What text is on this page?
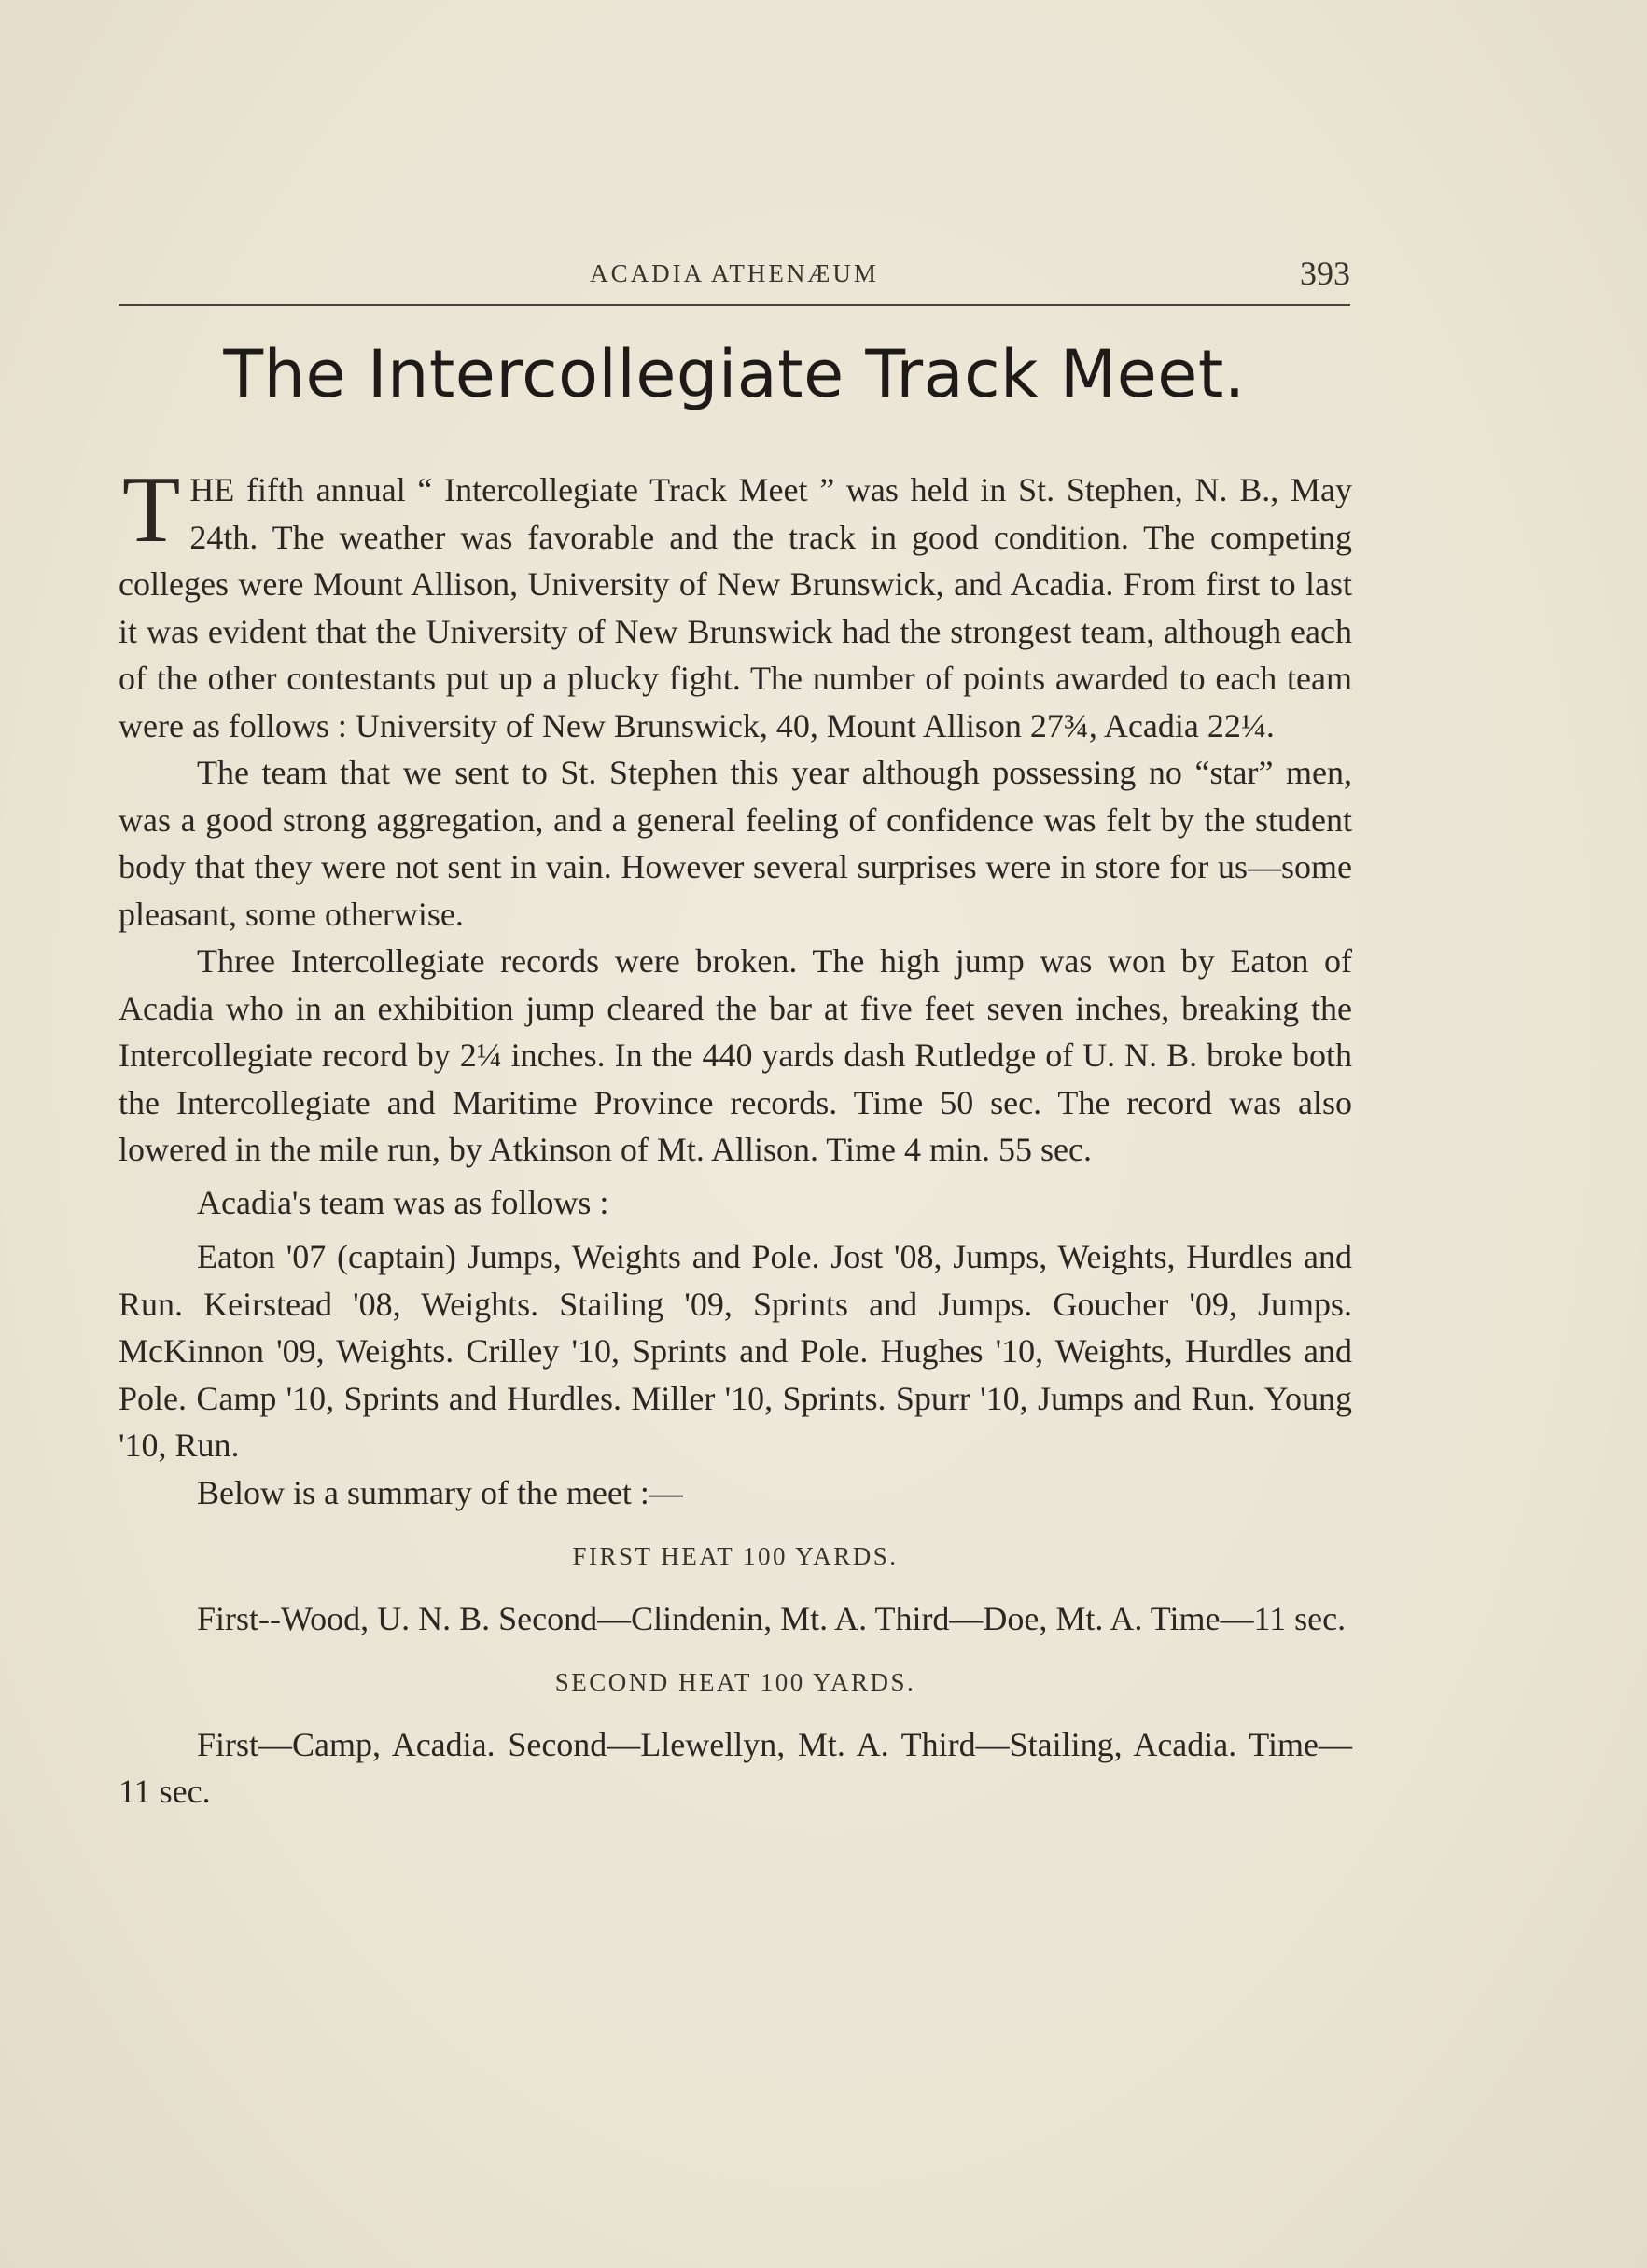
ACADIA ATHENÆUM	393
The Intercollegiate Track Meet.

THE fifth annual “ Intercollegiate Track Meet ” was held in St. Stephen, N. B., May 24th. The weather was favorable and the track in good condition. The competing colleges were Mount Allison, University of New Brunswick, and Acadia. From first to last it was evident that the University of New Brunswick had the strongest team, although each of the other contestants put up a plucky fight. The number of points awarded to each team were as follows : University of New Brunswick, 40, Mount Allison 27¾, Acadia 22¼.

The team that we sent to St. Stephen this year although possessing no “star” men, was a good strong aggregation, and a general feeling of confidence was felt by the student body that they were not sent in vain. However several surprises were in store for us—some pleasant, some otherwise.

Three Intercollegiate records were broken. The high jump was won by Eaton of Acadia who in an exhibition jump cleared the bar at five feet seven inches, breaking the Intercollegiate record by 2¼ inches. In the 440 yards dash Rutledge of U. N. B. broke both the Intercollegiate and Maritime Province records. Time 50 sec. The record was also lowered in the mile run, by Atkinson of Mt. Allison. Time 4 min. 55 sec.

Acadia's team was as follows :

Eaton '07 (captain) Jumps, Weights and Pole. Jost '08, Jumps, Weights, Hurdles and Run. Keirstead '08, Weights. Stailing '09, Sprints and Jumps. Goucher '09, Jumps. McKinnon '09, Weights. Crilley '10, Sprints and Pole. Hughes '10, Weights, Hurdles and Pole. Camp '10, Sprints and Hurdles. Miller '10, Sprints. Spurr '10, Jumps and Run. Young '10, Run.

Below is a summary of the meet :—

FIRST HEAT 100 YARDS.

First--Wood, U. N. B. Second—Clindenin, Mt. A. Third—Doe, Mt. A. Time—11 sec.

SECOND HEAT 100 YARDS.

First—Camp, Acadia. Second—Llewellyn, Mt. A. Third—Stailing, Acadia. Time—11 sec.
